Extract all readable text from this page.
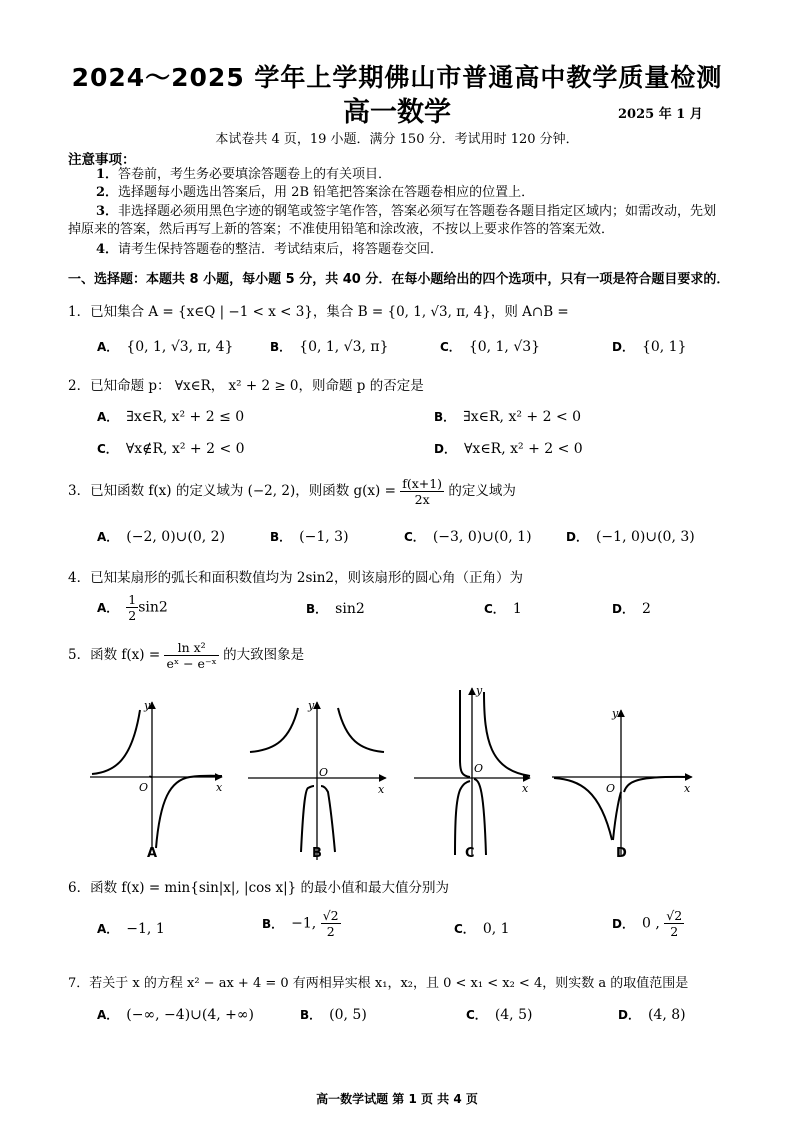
2024～2025 学年上学期佛山市普通高中教学质量检测
高一数学	2025 年 1 月
本试卷共 4 页，19 小题．满分 150 分．考试用时 120 分钟．
注意事项：
1．答卷前，考生务必要填涂答题卷上的有关项目．
2．选择题每小题选出答案后，用 2B 铅笔把答案涂在答题卷相应的位置上．
3．非选择题必须用黑色字迹的钢笔或签字笔作答，答案必须写在答题卷各题目指定区域内；如需改动，先划掉原来的答案，然后再写上新的答案；不准使用铅笔和涂改液，不按以上要求作答的答案无效．
4．请考生保持答题卷的整洁．考试结束后，将答题卷交回．
一、选择题：本题共 8 小题，每小题 5 分，共 40 分．在每小题给出的四个选项中，只有一项是符合题目要求的．
1．已知集合 A = {x∈Q | −1 < x < 3}，集合 B = {0, 1, √3, π, 4}，则 A∩B =
A． {0, 1, √3, π, 4}	B． {0, 1, √3, π}	C． {0, 1, √3}	D． {0, 1}
2．已知命题 p： ∀x∈R， x² + 2 ≥ 0，则命题 p 的否定是
A． ∃x∈R, x² + 2 ≤ 0	B． ∃x∈R, x² + 2 < 0
C． ∀x∉R, x² + 2 < 0	D． ∀x∈R, x² + 2 < 0
3．已知函数 f(x) 的定义域为 (−2, 2)，则函数 $g(x) = \frac{f(x+1)}{2x}$ 的定义域为
A． (−2, 0)∪(0, 2)	B． (−1, 3)	C． (−3, 0)∪(0, 1)	D． (−1, 0)∪(0, 3)
4．已知某扇形的弧长和面积数值均为 2sin2，则该扇形的圆心角（正角）为
A． $\frac{1}{2} \sin 2$	B． sin2	C． 1	D． 2
5．函数 $f(x) = \frac{\text{ln x²}}{\text{eˣ − e⁻ˣ}}$ 的大致图象是
y
x
O
y
x
O
y
x
O
y
x
O
A	B	C	D
6．函数 f(x) = min{sin|x|, |cos x|} 的最小值和最大值分别为
A． −1, 1	B． −1, $\frac{√2}{2}$	C． 0, 1	D． 0 , $\frac{√2}{2}$
7．若关于 x 的方程 x² − ax + 4 = 0 有两相异实根 x₁，x₂，且 0 < x₁ < x₂ < 4，则实数 a 的取值范围是
A． (−∞, −4)∪(4, +∞)	B． (0, 5)	C． (4, 5)	D． (4, 8)
高一数学试题 第 1 页 共 4 页
